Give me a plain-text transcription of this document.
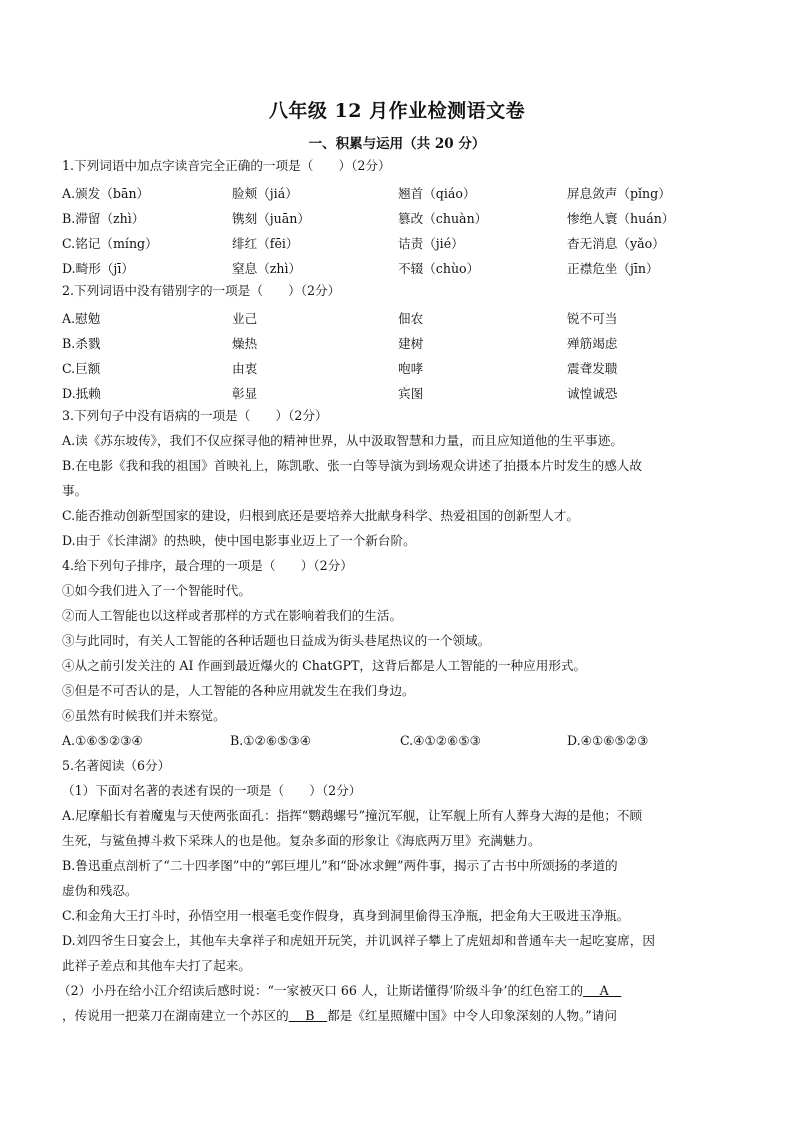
八年级 12 月作业检测语文卷
一、积累与运用（共 20 分）
1.下列词语中加点字读音完全正确的一项是（　　）（2分）
A.颁发（bān）	脸颊（jiá）	翘首（qiáo）	屏息敛声（pǐng）
B.滞留（zhì）	镌刻（juān）	篡改（chuàn）	惨绝人寰（huán）
C.铭记（míng）	绯红（fēi）	诘责（jié）	杳无消息（yǎo）
D.畸形（jī）	窒息（zhì）	不辍（chùo）	正襟危坐（jīn）
2.下列词语中没有错别字的一项是（　　）（2分）
A.慰勉	业己	佃农	锐不可当
B.杀戮	燥热	建树	殚筋竭虑
C.巨额	由衷	咆哮	震聋发聩
D.抵赖	彰显	宾图	诚惶诚恐
3.下列句子中没有语病的一项是（　　）（2分）
A.读《苏东坡传》，我们不仅应探寻他的精神世界，从中汲取智慧和力量，而且应知道他的生平事迹。
B.在电影《我和我的祖国》首映礼上，陈凯歌、张一白等导演为到场观众讲述了拍摄本片时发生的感人故
事。
C.能否推动创新型国家的建设，归根到底还是要培养大批献身科学、热爱祖国的创新型人才。
D.由于《长津湖》的热映，使中国电影事业迈上了一个新台阶。
4.给下列句子排序，最合理的一项是（　　）（2分）
①如今我们进入了一个智能时代。
②而人工智能也以这样或者那样的方式在影响着我们的生活。
③与此同时，有关人工智能的各种话题也日益成为街头巷尾热议的一个领域。
④从之前引发关注的 AI 作画到最近爆火的 ChatGPT，这背后都是人工智能的一种应用形式。
⑤但是不可否认的是，人工智能的各种应用就发生在我们身边。
⑥虽然有时候我们并未察觉。
A.①⑥⑤②③④	B.①②⑥⑤③④	C.④①②⑥⑤③	D.④①⑥⑤②③
5.名著阅读（6分）
（1）下面对名著的表述有误的一项是（　　）（2分）
A.尼摩船长有着魔鬼与天使两张面孔：指挥“鹦鹉螺号”撞沉军舰，让军舰上所有人葬身大海的是他；不顾
生死，与鲨鱼搏斗救下采珠人的也是他。复杂多面的形象让《海底两万里》充满魅力。
B.鲁迅重点剖析了“二十四孝图”中的“郭巨埋儿”和“卧冰求鲤”两件事，揭示了古书中所颂扬的孝道的
虚伪和残忍。
C.和金角大王打斗时，孙悟空用一根毫毛变作假身，真身到洞里偷得玉净瓶，把金角大王吸进玉净瓶。
D.刘四爷生日宴会上，其他车夫拿祥子和虎妞开玩笑，并讥讽祥子攀上了虎妞却和普通车夫一起吃宴席，因
此祥子差点和其他车夫打了起来。
（2）小丹在给小江介绍读后感时说：“一家被灭口 66 人，让斯诺懂得‘阶级斗争’的红色窑工的　 A　
，传说用一把菜刀在湖南建立一个苏区的　 B　都是《红星照耀中国》中令人印象深刻的人物。”请问
